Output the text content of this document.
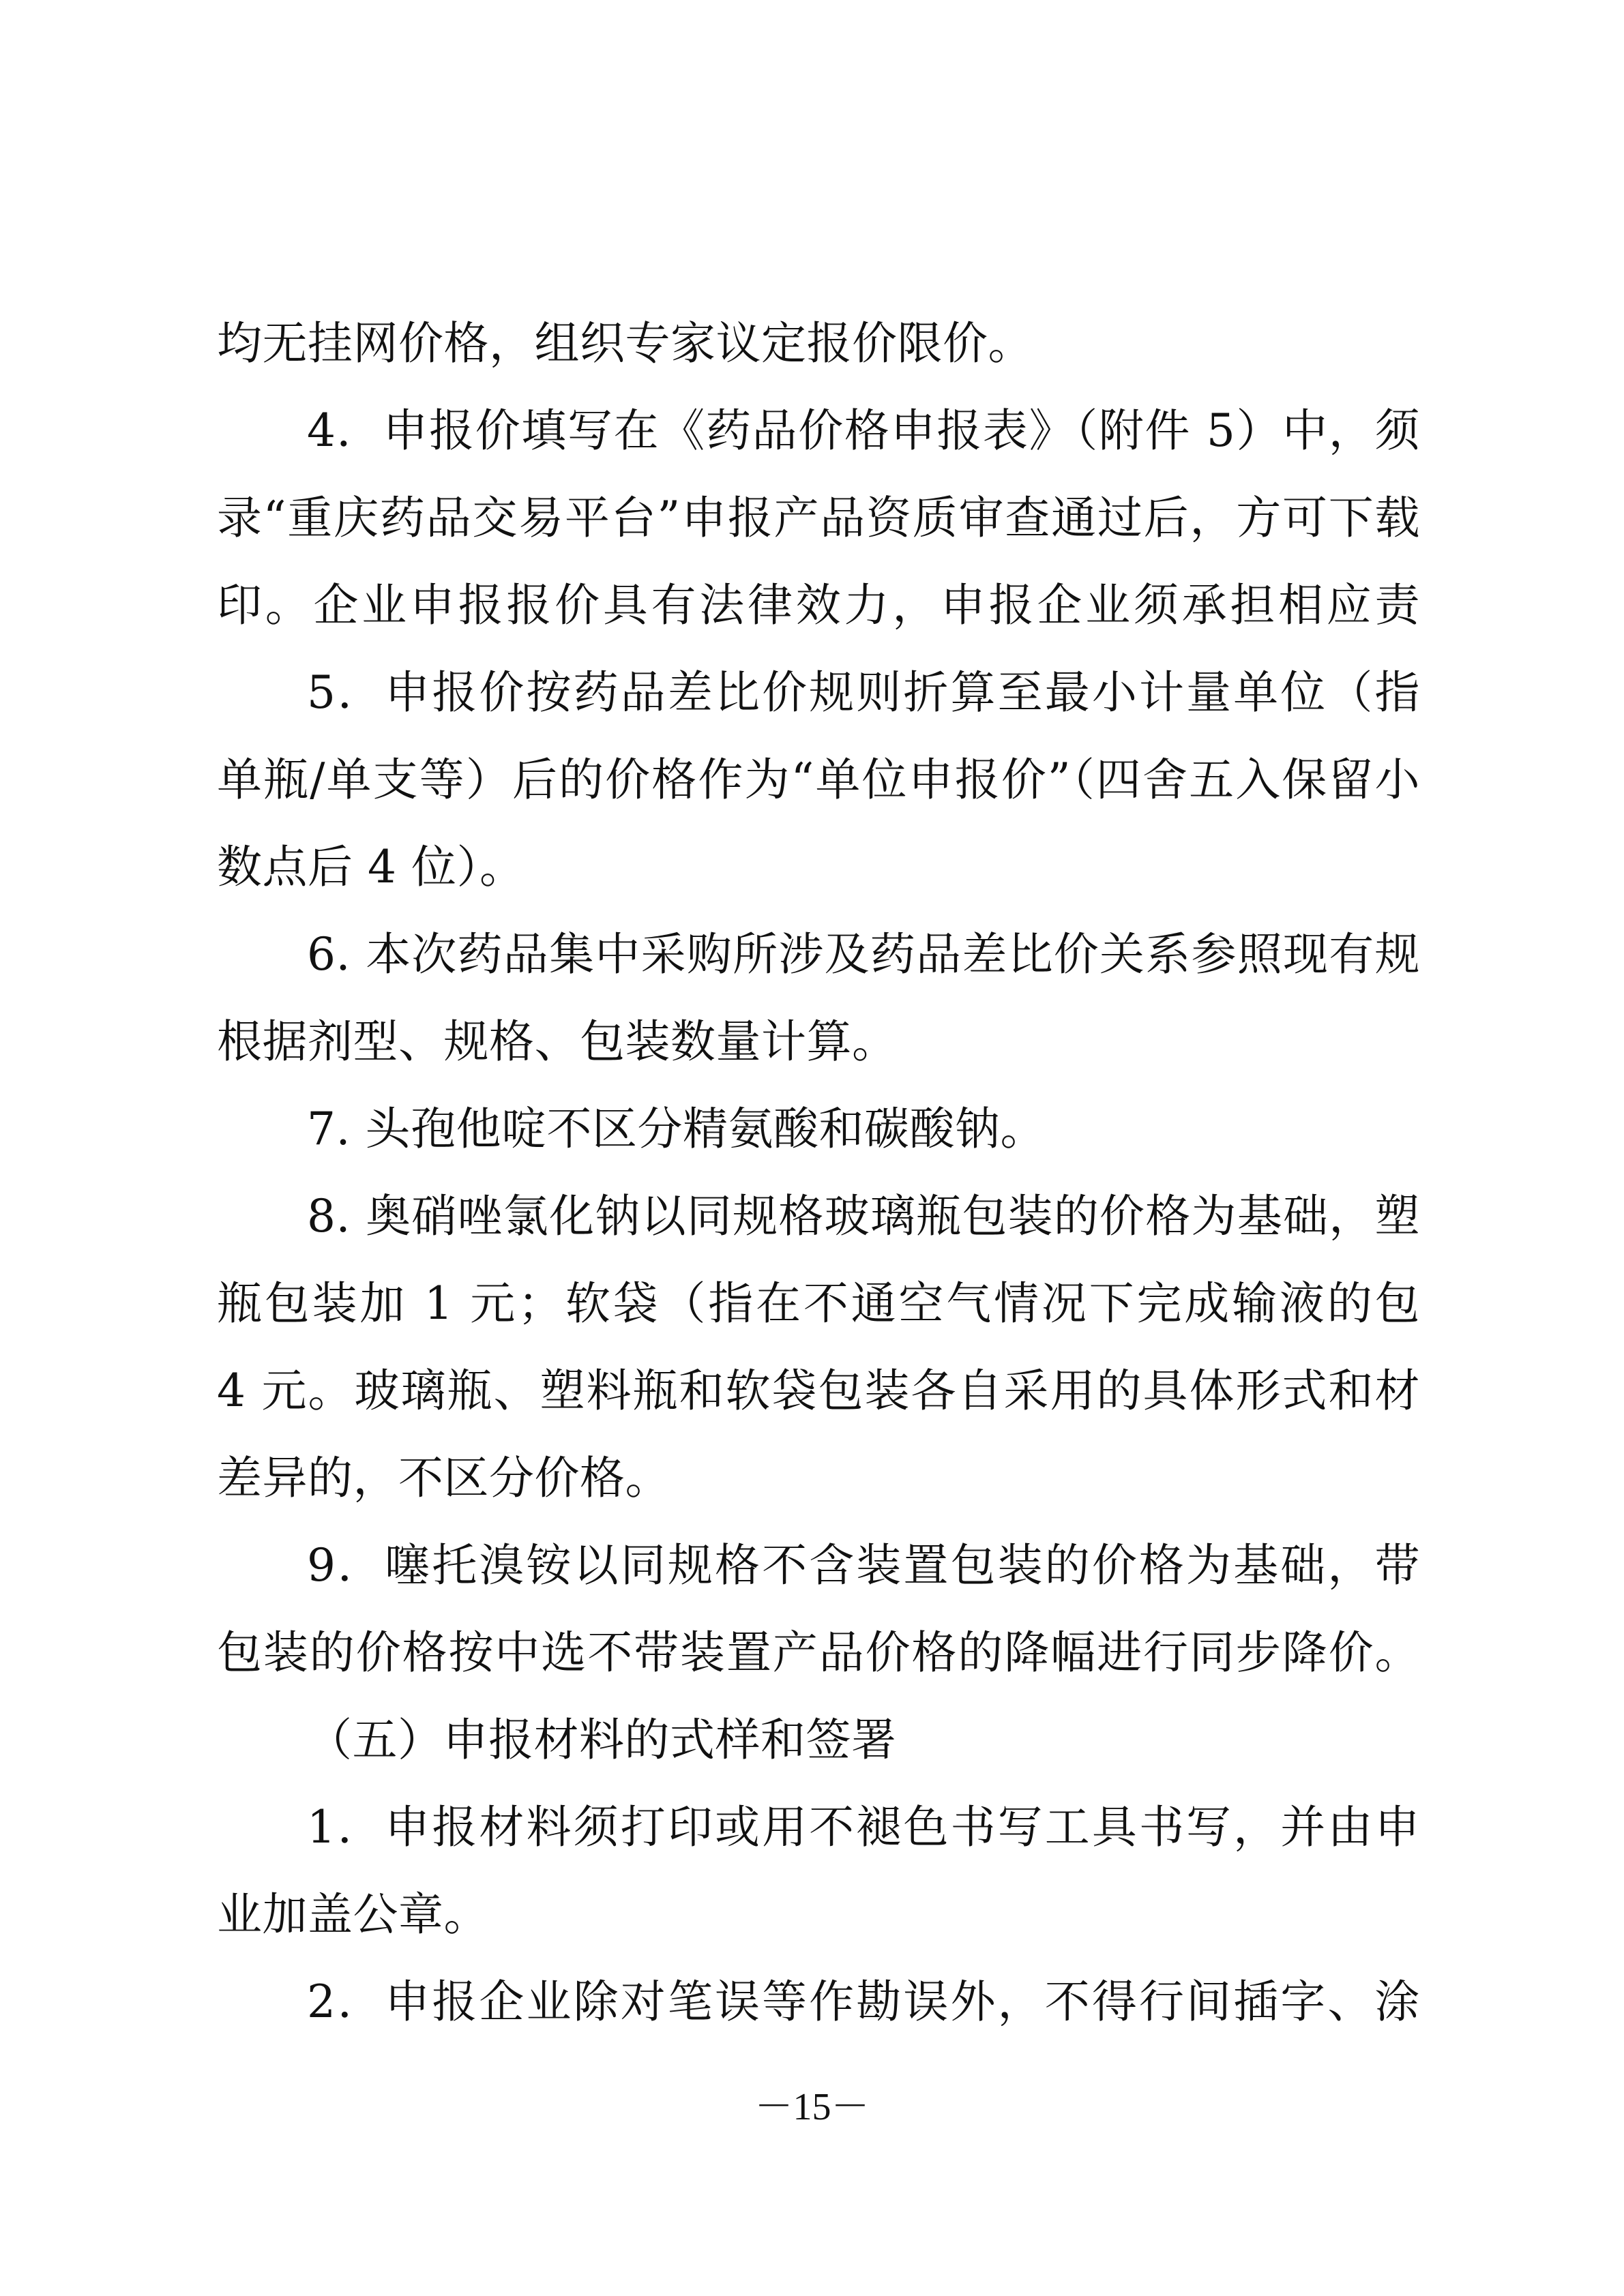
均无挂网价格，组织专家议定报价限价。
4．申报价填写在《药品价格申报表》（附件 5）中，须
录“重庆药品交易平台”申报产品资质审查通过后，方可下载
印。企业申报报价具有法律效力，申报企业须承担相应责
5．申报价按药品差比价规则折算至最小计量单位（指
单瓶/单支等）后的价格作为“单位申报价”（四舍五入保留小
数点后 4 位）。
6. 本次药品集中采购所涉及药品差比价关系参照现有规
根据剂型、规格、包装数量计算。
7. 头孢他啶不区分精氨酸和碳酸钠。
8. 奥硝唑氯化钠以同规格玻璃瓶包装的价格为基础，塑
瓶包装加 1 元；软袋（指在不通空气情况下完成输液的包
4 元。玻璃瓶、塑料瓶和软袋包装各自采用的具体形式和材
差异的，不区分价格。
9．噻托溴铵以同规格不含装置包装的价格为基础，带
包装的价格按中选不带装置产品价格的降幅进行同步降价。
（五）申报材料的式样和签署
1．申报材料须打印或用不褪色书写工具书写，并由申
业加盖公章。
2．申报企业除对笔误等作勘误外，不得行间插字、涂
－15－
